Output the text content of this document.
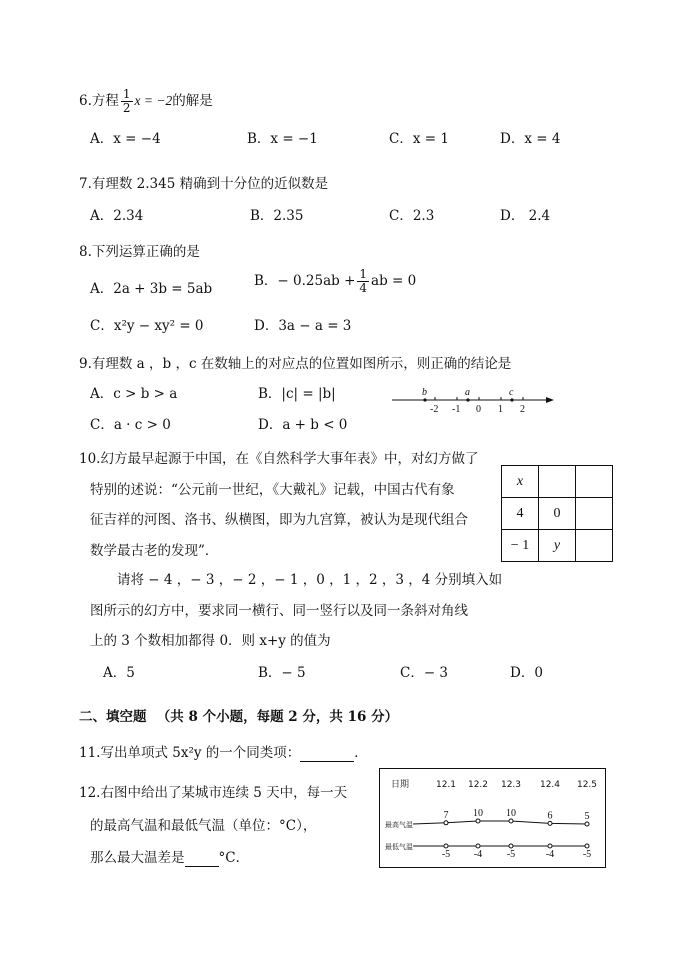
6.方程 $\frac{1}{2}$ x = −2的解是
A．x = −4	B．x = −1	C．x = 1	D．x = 4
7.有理数 2.345 精确到十分位的近似数是
A．2.34	B．2.35	C．2.3	D． 2.4
8.下列运算正确的是
A．2a + 3b = 5ab	B．− $0.25ab + \frac{1}{4}$ ab = 0
C．x²y − xy² = 0	D．3a − a = 3
9.有理数 a ，b ，c 在数轴上的对应点的位置如图所示，则正确的结论是
A．c > b > a	B．|c| = |b|
C．a · c > 0	D．a + b < 0
-2 -1 0 1 2
b	a	c
10.幻方最早起源于中国，在《自然科学大事年表》中，对幻方做了
特别的述说：“公元前一世纪，《大戴礼》记载，中国古代有象
征吉祥的河图、洛书、纵横图，即为九宫算，被认为是现代组合
数学最古老的发现”．
请将 − 4 ，− 3 ，− 2 ，− 1 ，0 ，1 ，2 ，3 ，4 分别填入如
图所示的幻方中，要求同一横行、同一竖行以及同一条斜对角线
上的 3 个数相加都得 0．则 x+y 的值为
A．5	B．− 5	C．− 3	D．0
x		
4	0	
− 1	y	
二、填空题 （共 8 个小题，每题 2 分，共 16 分）
11.写出单项式 5x²y 的一个同类项：	．
12.右图中给出了某城市连续 5 天中，每一天
的最高气温和最低气温（单位：°C），
那么最大温差是	°C．
日期
最高气温
最低气温
12.1 12.2 12.3 12.4 12.5
7 10 10	6	5
-5 -4 -5	-4	-5
